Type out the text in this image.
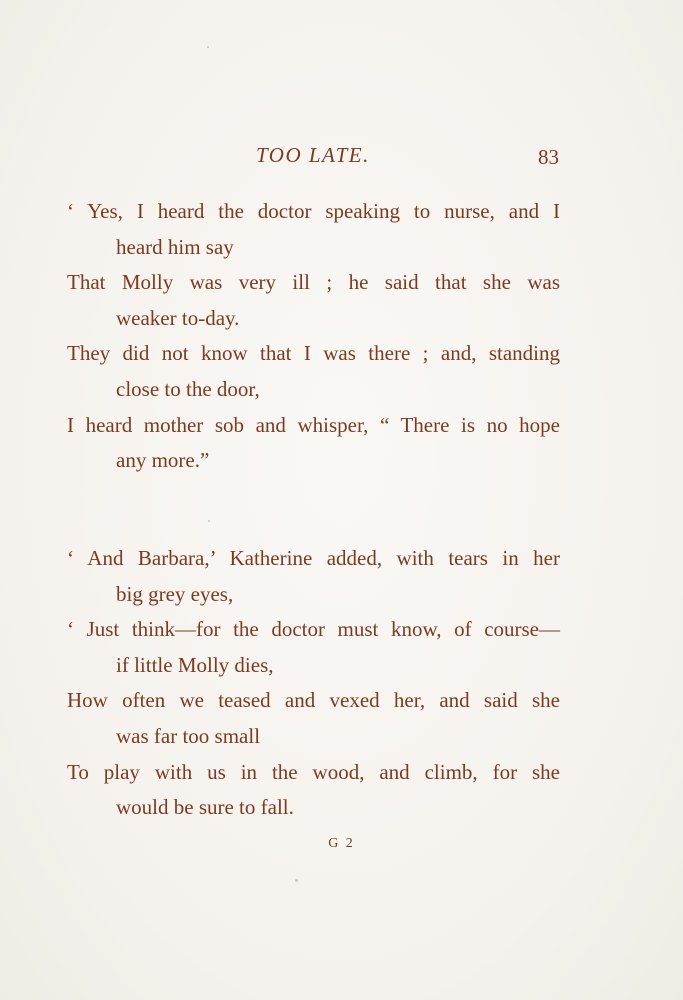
TOO LATE.	83
‘ Yes, I heard the doctor speaking to nurse, and I
heard him say
That Molly was very ill ; he said that she was
weaker to-day.
They did not know that I was there ; and, standing
close to the door,
I heard mother sob and whisper, “ There is no hope
any more.”
‘ And Barbara,’ Katherine added, with tears in her
big grey eyes,
‘ Just think—for the doctor must know, of course—
if little Molly dies,
How often we teased and vexed her, and said she
was far too small
To play with us in the wood, and climb, for she
would be sure to fall.
G 2
